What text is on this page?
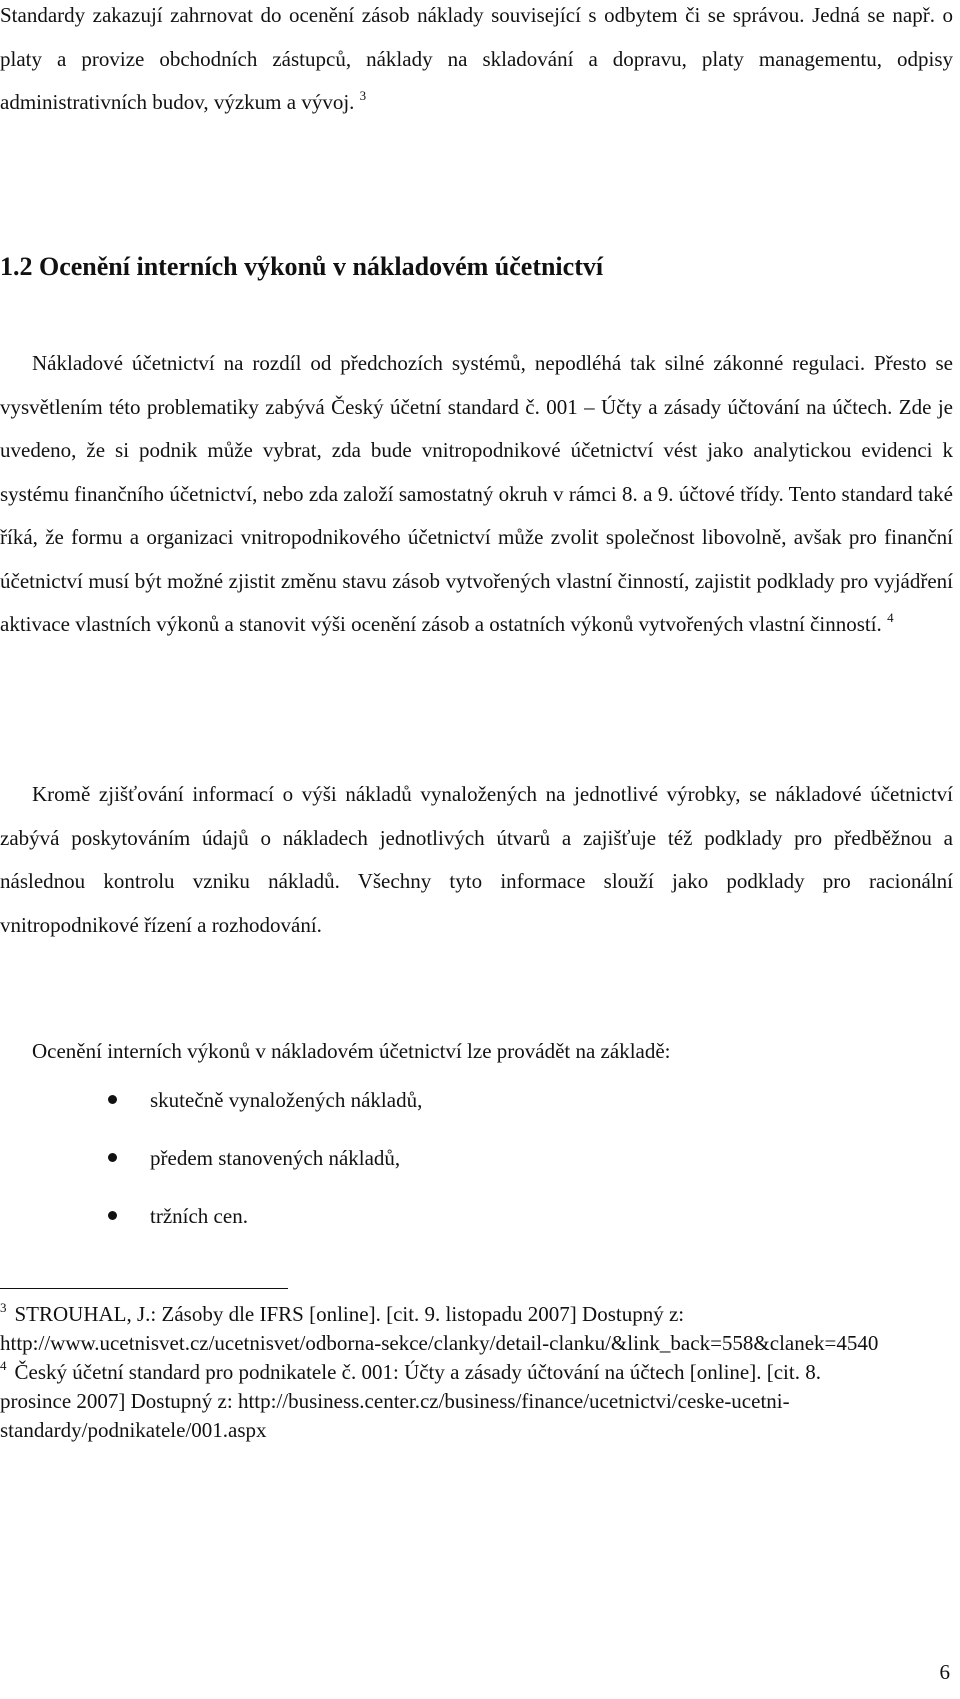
Standardy zakazují zahrnovat do ocenění zásob náklady související s odbytem či se správou. Jedná se např. o platy a provize obchodních zástupců, náklady na skladování a dopravu, platy managementu, odpisy administrativních budov, výzkum a vývoj. $^3$

1.2 Ocenění interních výkonů v nákladovém účetnictví

Nákladové účetnictví na rozdíl od předchozích systémů, nepodléhá tak silné zákonné regulaci. Přesto se vysvětlením této problematiky zabývá Český účetní standard č. 001 – Účty a zásady účtování na účtech. Zde je uvedeno, že si podnik může vybrat, zda bude vnitropodnikové účetnictví vést jako analytickou evidenci k systému finančního účetnictví, nebo zda založí samostatný okruh v rámci 8. a 9. účtové třídy. Tento standard také říká, že formu a organizaci vnitropodnikového účetnictví může zvolit společnost libovolně, avšak pro finanční účetnictví musí být možné zjistit změnu stavu zásob vytvořených vlastní činností, zajistit podklady pro vyjádření aktivace vlastních výkonů a stanovit výši ocenění zásob a ostatních výkonů vytvořených vlastní činností. $^4$

Kromě zjišťování informací o výši nákladů vynaložených na jednotlivé výrobky, se nákladové účetnictví zabývá poskytováním údajů o nákladech jednotlivých útvarů a zajišťuje též podklady pro předběžnou a následnou kontrolu vzniku nákladů. Všechny tyto informace slouží jako podklady pro racionální vnitropodnikové řízení a rozhodování.

Ocenění interních výkonů v nákladovém účetnictví lze provádět na základě:

skutečně vynaložených nákladů,
předem stanovených nákladů,
tržních cen.

$^3$ STROUHAL, J.: Zásoby dle IFRS [online]. [cit. 9. listopadu 2007] Dostupný z: http://www.ucetnisvet.cz/ucetnisvet/odborna-sekce/clanky/detail-clanku/&link_back=558&clanek=4540

$^4$ Český účetní standard pro podnikatele č. 001: Účty a zásady účtování na účtech [online]. [cit. 8. prosince 2007] Dostupný z: http://business.center.cz/business/finance/ucetnictvi/ceske-ucetni-standardy/podnikatele/001.aspx

6
